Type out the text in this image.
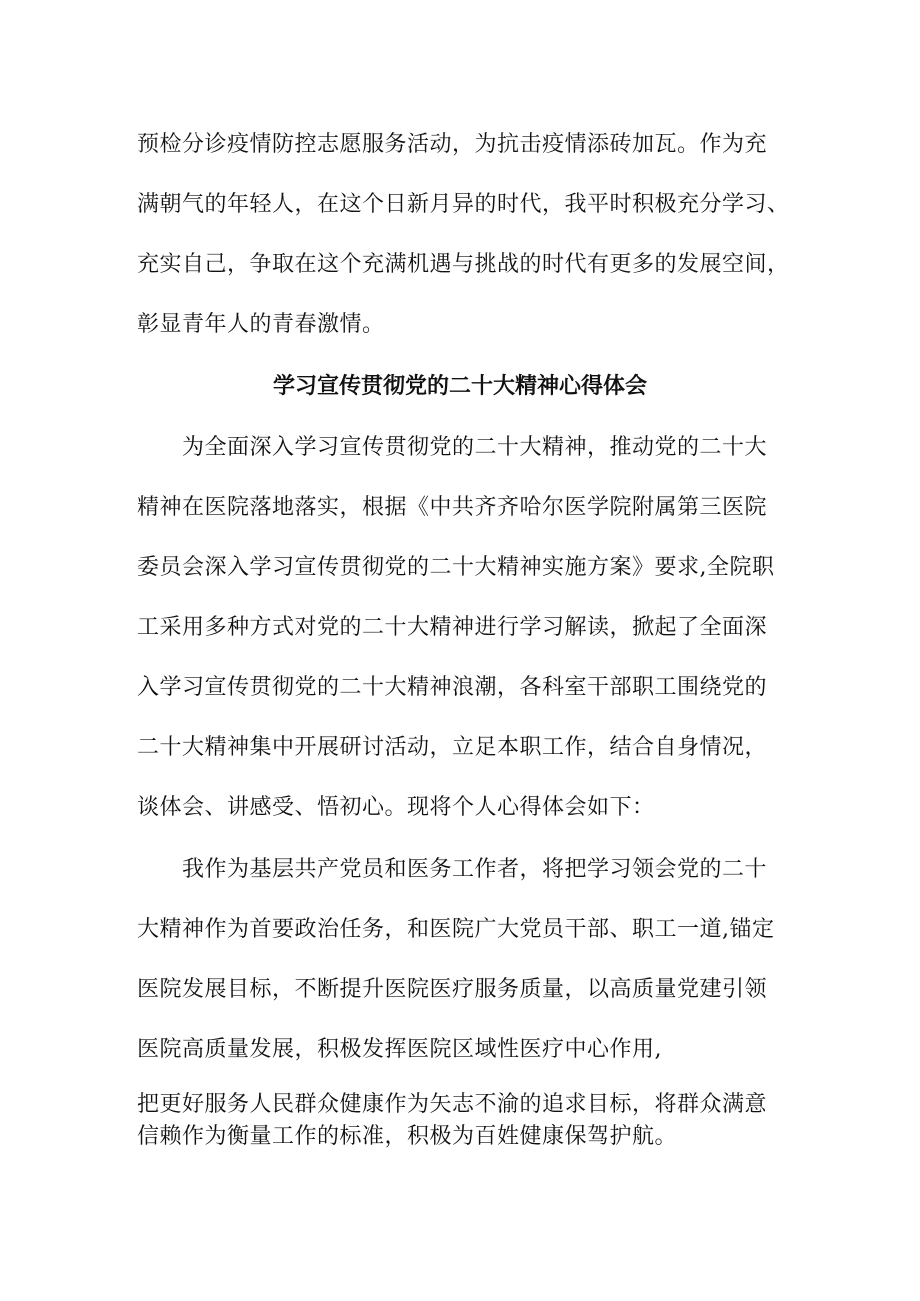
预检分诊疫情防控志愿服务活动，为抗击疫情添砖加瓦。作为充

满朝气的年轻人，在这个日新月异的时代，我平时积极充分学习、

充实自己，争取在这个充满机遇与挑战的时代有更多的发展空间，

彰显青年人的青春激情。

学习宣传贯彻党的二十大精神心得体会

为全面深入学习宣传贯彻党的二十大精神，推动党的二十大

精神在医院落地落实，根据《中共齐齐哈尔医学院附属第三医院

委员会深入学习宣传贯彻党的二十大精神实施方案》要求,全院职

工采用多种方式对党的二十大精神进行学习解读，掀起了全面深

入学习宣传贯彻党的二十大精神浪潮，各科室干部职工围绕党的

二十大精神集中开展研讨活动，立足本职工作，结合自身情况，

谈体会、讲感受、悟初心。现将个人心得体会如下：

我作为基层共产党员和医务工作者，将把学习领会党的二十

大精神作为首要政治任务，和医院广大党员干部、职工一道,锚定

医院发展目标，不断提升医院医疗服务质量，以高质量党建引领

医院高质量发展，积极发挥医院区域性医疗中心作用,

把更好服务人民群众健康作为矢志不渝的追求目标，将群众满意

信赖作为衡量工作的标准，积极为百姓健康保驾护航。
